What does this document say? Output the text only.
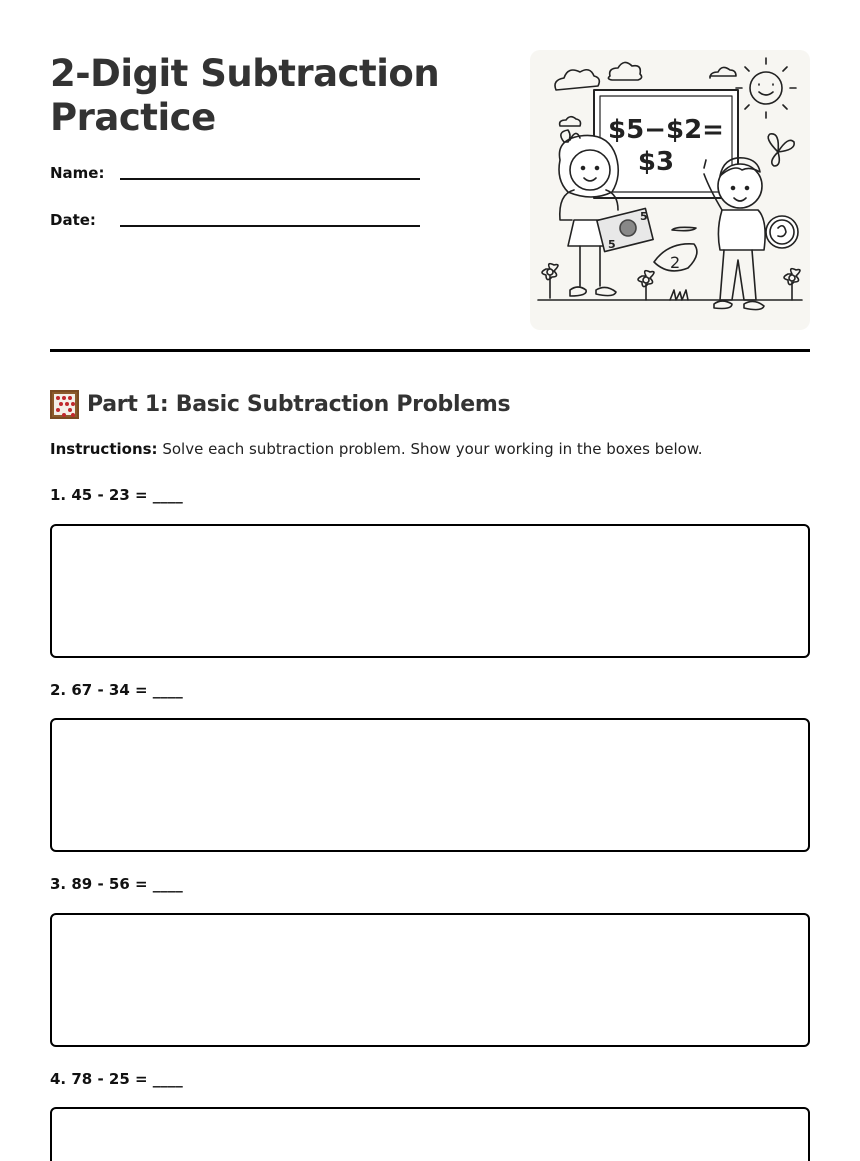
2-Digit Subtraction Practice
Name:
Date:
$5−$2=
$3
5
5
2
Part 1: Basic Subtraction Problems

Instructions: Solve each subtraction problem. Show your working in the boxes below.

1. 45 - 23 = ____
2. 67 - 34 = ____
3. 89 - 56 = ____
4. 78 - 25 = ____
